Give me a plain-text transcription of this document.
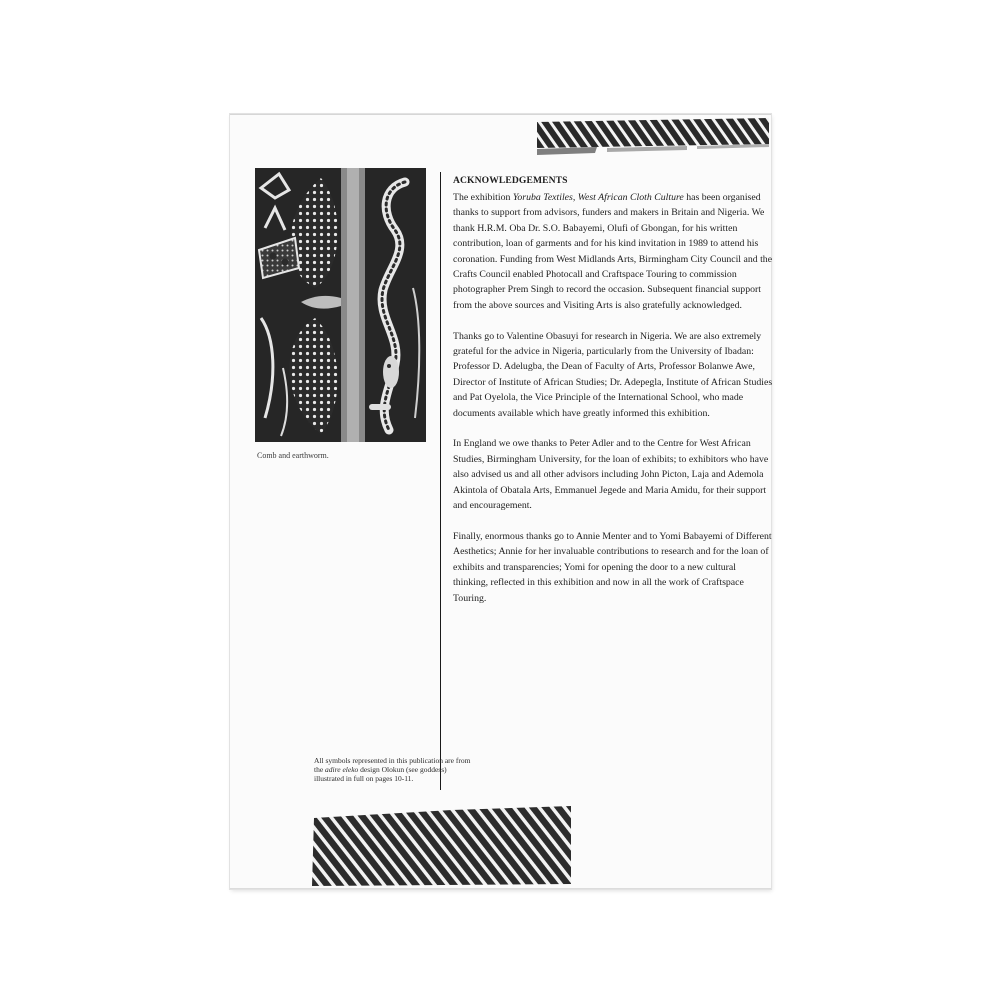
Comb and earthworm.
ACKNOWLEDGEMENTS

The exhibition Yoruba Textiles, West African Cloth Culture has been organised thanks to support from advisors, funders and makers in Britain and Nigeria. We thank H.R.M. Oba Dr. S.O. Babayemi, Olufi of Gbongan, for his written contribution, loan of garments and for his kind invitation in 1989 to attend his coronation. Funding from West Midlands Arts, Birmingham City Council and the Crafts Council enabled Photocall and Craftspace Touring to commission photographer Prem Singh to record the occasion. Subsequent financial support from the above sources and Visiting Arts is also gratefully acknowledged.

Thanks go to Valentine Obasuyi for research in Nigeria. We are also extremely grateful for the advice in Nigeria, particularly from the University of Ibadan: Professor D. Adelugba, the Dean of Faculty of Arts, Professor Bolanwe Awe, Director of Institute of African Studies; Dr. Adepegla, Institute of African Studies and Pat Oyelola, the Vice Principle of the International School, who made documents available which have greatly informed this exhibition.

In England we owe thanks to Peter Adler and to the Centre for West African Studies, Birmingham University, for the loan of exhibits; to exhibitors who have also advised us and all other advisors including John Picton, Laja and Ademola Akintola of Obatala Arts, Emmanuel Jegede and Maria Amidu, for their support and encouragement.

Finally, enormous thanks go to Annie Menter and to Yomi Babayemi of Different Aesthetics; Annie for her invaluable contributions to research and for the loan of exhibits and transparencies; Yomi for opening the door to a new cultural thinking, reflected in this exhibition and now in all the work of Craftspace Touring.

All symbols represented in this publication are from the adire eleko design Olokun (see goddess) illustrated in full on pages 10-11.
